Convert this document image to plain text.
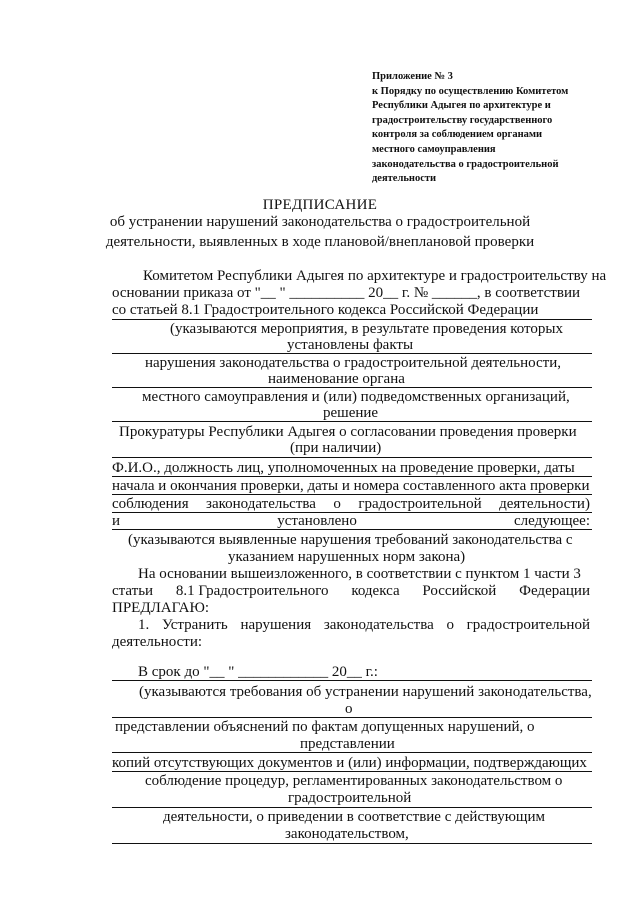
Приложение № 3
к Порядку по осуществлению Комитетом
Республики Адыгея по архитектуре и
градостроительству государственного
контроля за соблюдением органами
местного самоуправления
законодательства о градостроительной
деятельности
ПРЕДПИСАНИЕ
об устранении нарушений законодательства о градостроительной
деятельности, выявленных в ходе плановой/внеплановой проверки
Комитетом Республики Адыгея по архитектуре и градостроительству на
основании приказа от "__ " __________ 20__ г. № ______, в соответствии
со статьей 8.1 Градостроительного кодекса Российской Федерации
(указываются мероприятия, в результате проведения которых
установлены факты
нарушения законодательства о градостроительной деятельности,
наименование органа
местного самоуправления и (или) подведомственных организаций,
решение
Прокуратуры Республики Адыгея о согласовании проведения проверки
(при наличии)
Ф.И.О., должность лиц, уполномоченных на проведение проверки, даты
начала и окончания проверки, даты и номера составленного акта проверки
соблюдения законодательства о градостроительной деятельности)
и	установлено	следующее:
(указываются выявленные нарушения требований законодательства с
указанием нарушенных норм закона)
На основании вышеизложенного, в соответствии с пунктом 1 части 3
статьи 8.1 Градостроительного кодекса Российской Федерации
ПРЕДЛАГАЮ:
1. Устранить нарушения законодательства о градостроительной
деятельности:
В срок до "__ " ____________ 20__ г.:
(указываются требования об устранении нарушений законодательства,
о
представлении объяснений по фактам допущенных нарушений, о
представлении
копий отсутствующих документов и (или) информации, подтверждающих
соблюдение процедур, регламентированных законодательством о
градостроительной
деятельности, о приведении в соответствие с действующим
законодательством,
